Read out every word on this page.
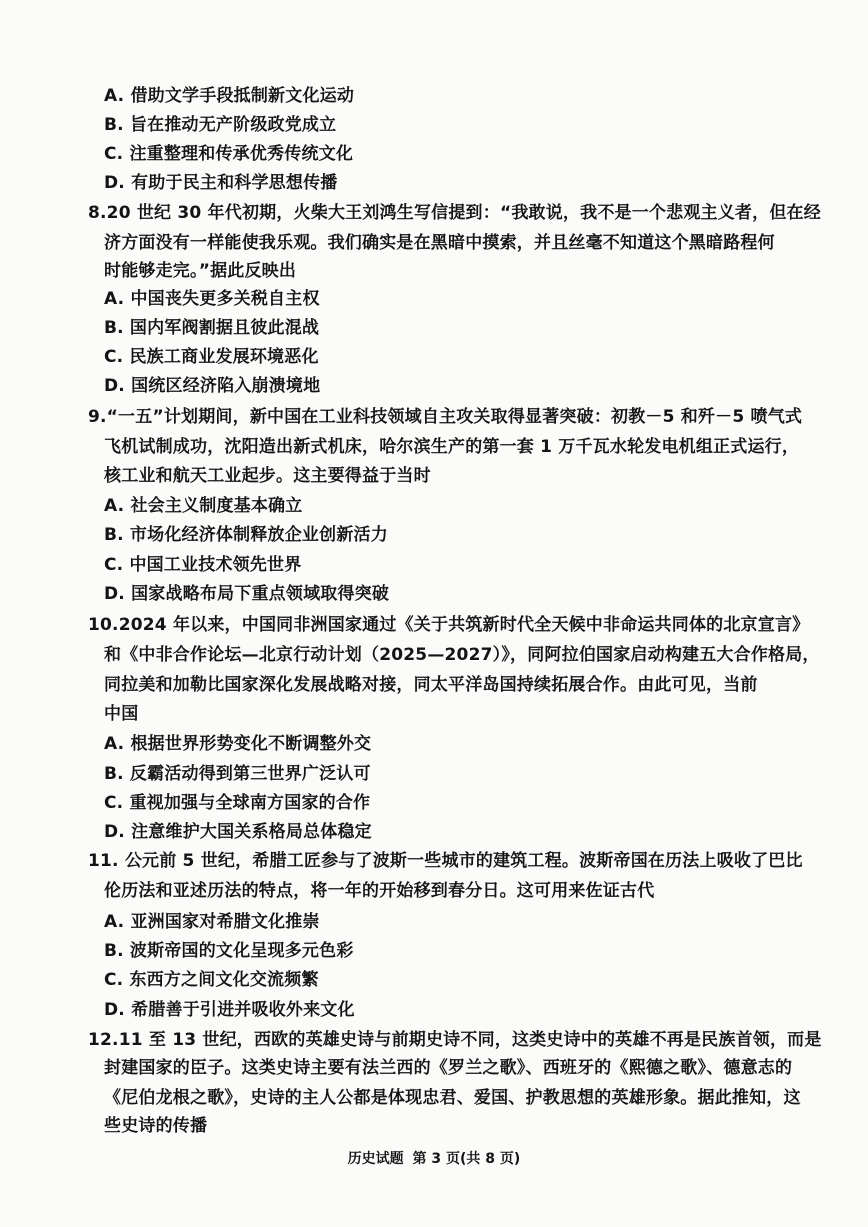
A. 借助文学手段抵制新文化运动
B. 旨在推动无产阶级政党成立
C. 注重整理和传承优秀传统文化
D. 有助于民主和科学思想传播
8.20 世纪 30 年代初期，火柴大王刘鸿生写信提到：“我敢说，我不是一个悲观主义者，但在经
济方面没有一样能使我乐观。我们确实是在黑暗中摸索，并且丝毫不知道这个黑暗路程何
时能够走完。”据此反映出
A. 中国丧失更多关税自主权
B. 国内军阀割据且彼此混战
C. 民族工商业发展环境恶化
D. 国统区经济陷入崩溃境地
9.“一五”计划期间，新中国在工业科技领域自主攻关取得显著突破：初教－5 和歼－5 喷气式
飞机试制成功，沈阳造出新式机床，哈尔滨生产的第一套 1 万千瓦水轮发电机组正式运行，
核工业和航天工业起步。这主要得益于当时
A. 社会主义制度基本确立
B. 市场化经济体制释放企业创新活力
C. 中国工业技术领先世界
D. 国家战略布局下重点领域取得突破
10.2024 年以来，中国同非洲国家通过《关于共筑新时代全天候中非命运共同体的北京宣言》
和《中非合作论坛—北京行动计划（2025—2027）》，同阿拉伯国家启动构建五大合作格局，
同拉美和加勒比国家深化发展战略对接，同太平洋岛国持续拓展合作。由此可见，当前
中国
A. 根据世界形势变化不断调整外交
B. 反霸活动得到第三世界广泛认可
C. 重视加强与全球南方国家的合作
D. 注意维护大国关系格局总体稳定
11. 公元前 5 世纪，希腊工匠参与了波斯一些城市的建筑工程。波斯帝国在历法上吸收了巴比
伦历法和亚述历法的特点，将一年的开始移到春分日。这可用来佐证古代
A. 亚洲国家对希腊文化推崇
B. 波斯帝国的文化呈现多元色彩
C. 东西方之间文化交流频繁
D. 希腊善于引进并吸收外来文化
12.11 至 13 世纪，西欧的英雄史诗与前期史诗不同，这类史诗中的英雄不再是民族首领，而是
封建国家的臣子。这类史诗主要有法兰西的《罗兰之歌》、西班牙的《熙德之歌》、德意志的
《尼伯龙根之歌》，史诗的主人公都是体现忠君、爱国、护教思想的英雄形象。据此推知，这
些史诗的传播
历史试题 第 3 页(共 8 页)
